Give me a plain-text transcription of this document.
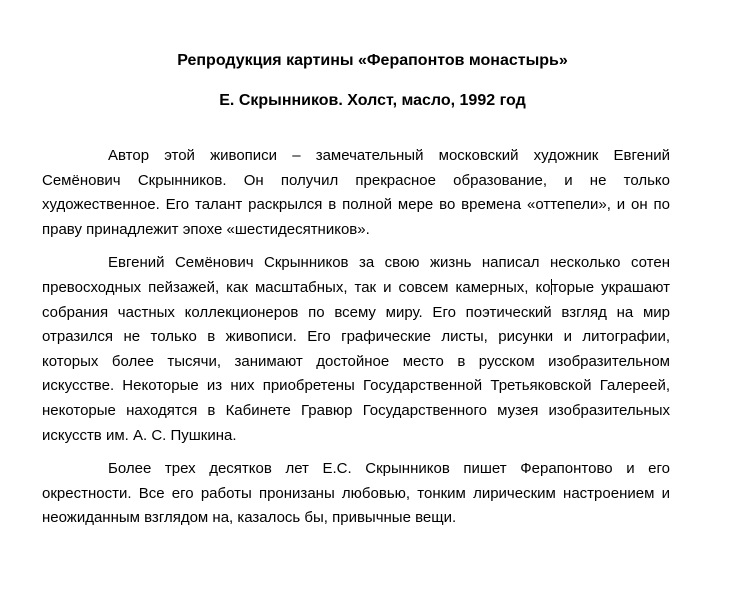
Репродукция картины «Ферапонтов монастырь»
Е. Скрынников. Холст, масло, 1992 год
Автор этой живописи – замечательный московский художник Евгений
Семёнович Скрынников. Он получил прекрасное образование, и не только
художественное. Его талант раскрылся в полной мере во времена «оттепели», и он по
праву принадлежит эпохе «шестидесятников».
Евгений Семёнович Скрынников за свою жизнь написал несколько сотен
превосходных пейзажей, как масштабных, так и совсем камерных, которые украшают
собрания частных коллекционеров по всему миру. Его поэтический взгляд на мир
отразился не только в живописи. Его графические листы, рисунки и литографии,
которых более тысячи, занимают достойное место в русском изобразительном
искусстве. Некоторые из них приобретены Государственной Третьяковской Галереей,
некоторые находятся в Кабинете Гравюр Государственного музея изобразительных
искусств им. А. С. Пушкина.
Более трех десятков лет Е.С. Скрынников пишет Ферапонтово и его
окрестности. Все его работы пронизаны любовью, тонким лирическим настроением и
неожиданным взглядом на, казалось бы, привычные вещи.
